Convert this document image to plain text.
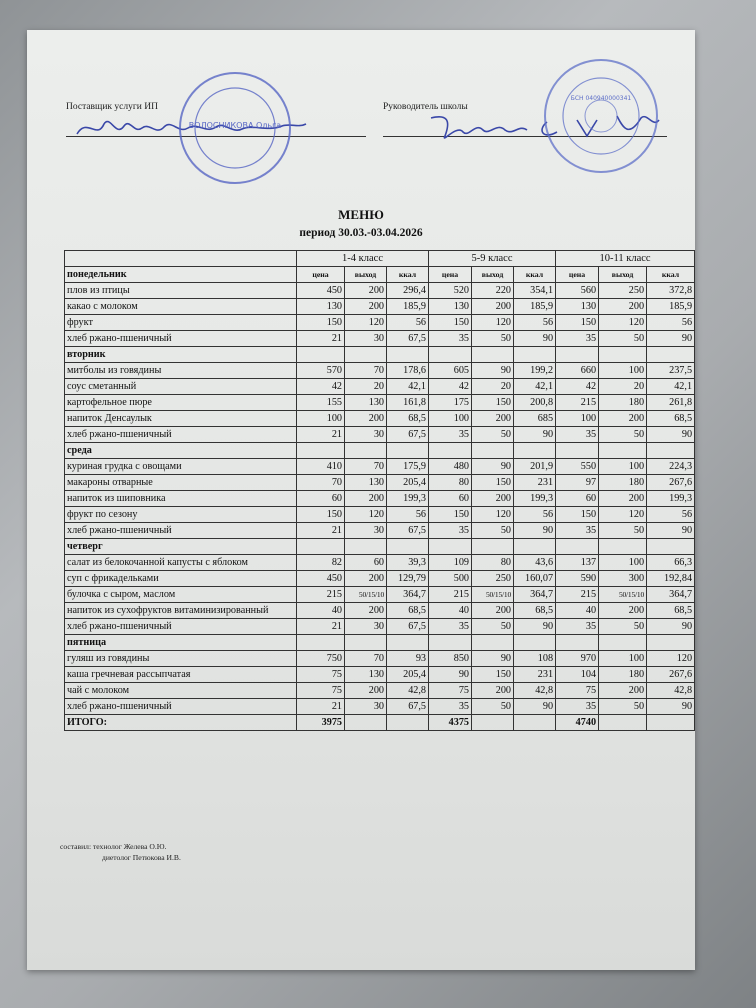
Поставщик услуги ИП	Руководитель школы
ВОЛОСНИКОВА Ольга
БСН 040940000341
МЕНЮ
период 30.03.-03.04.2026
	1-4 класс			5-9 класс			10-11 класс		
понедельник	цена	выход	ккал	цена	выход	ккал	цена	выход	ккал
плов из птицы	450	200	296,4	520	220	354,1	560	250	372,8
какао с молоком	130	200	185,9	130	200	185,9	130	200	185,9
фрукт	150	120	56	150	120	56	150	120	56
хлеб ржано-пшеничный	21	30	67,5	35	50	90	35	50	90
вторник									
митболы из говядины	570	70	178,6	605	90	199,2	660	100	237,5
соус сметанный	42	20	42,1	42	20	42,1	42	20	42,1
картофельное пюре	155	130	161,8	175	150	200,8	215	180	261,8
напиток Денсаулык	100	200	68,5	100	200	685	100	200	68,5
хлеб ржано-пшеничный	21	30	67,5	35	50	90	35	50	90
среда									
куриная грудка с овощами	410	70	175,9	480	90	201,9	550	100	224,3
макароны отварные	70	130	205,4	80	150	231	97	180	267,6
напиток из шиповника	60	200	199,3	60	200	199,3	60	200	199,3
фрукт по сезону	150	120	56	150	120	56	150	120	56
хлеб ржано-пшеничный	21	30	67,5	35	50	90	35	50	90
четверг									
салат из белокочанной капусты с яблоком	82	60	39,3	109	80	43,6	137	100	66,3
суп с фрикадельками	450	200	129,79	500	250	160,07	590	300	192,84
булочка с сыром, маслом	215	50/15/10	364,7	215	50/15/10	364,7	215	50/15/10	364,7
напиток из сухофруктов витаминизированный	40	200	68,5	40	200	68,5	40	200	68,5
хлеб ржано-пшеничный	21	30	67,5	35	50	90	35	50	90
пятница									
гуляш из говядины	750	70	93	850	90	108	970	100	120
каша гречневая рассыпчатая	75	130	205,4	90	150	231	104	180	267,6
чай с молоком	75	200	42,8	75	200	42,8	75	200	42,8
хлеб ржано-пшеничный	21	30	67,5	35	50	90	35	50	90
ИТОГО:	3975			4375			4740		
составил: технолог Желева О.Ю.
диетолог Петюкова И.В.
